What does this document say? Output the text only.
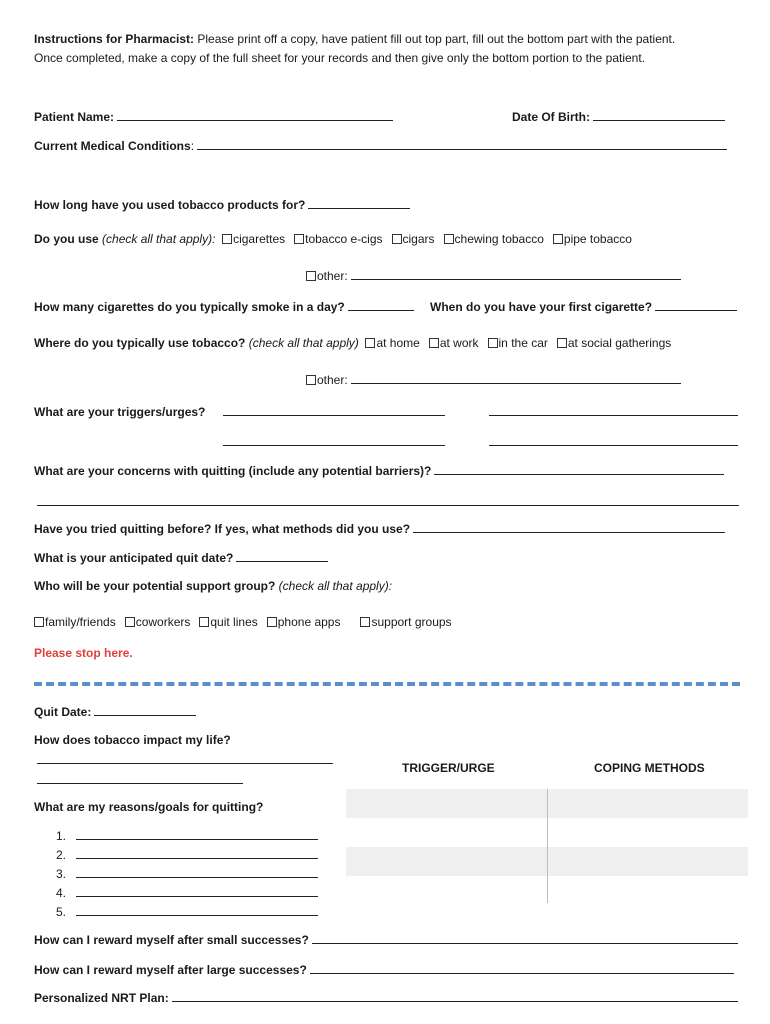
Instructions for Pharmacist: Please print off a copy, have patient fill out top part, fill out the bottom part with the patient.
Once completed, make a copy of the full sheet for your records and then give only the bottom portion to the patient.
Patient Name:	Date Of Birth:
Current Medical Conditions:
How long have you used tobacco products for?
Do you use (check all that apply): cigarettes tobacco e-cigs cigars chewing tobacco pipe tobacco
other:
How many cigarettes do you typically smoke in a day?	When do you have your first cigarette?
Where do you typically use tobacco? (check all that apply) at home at work in the car at social gatherings
other:
What are your triggers/urges?
What are your concerns with quitting (include any potential barriers)?
Have you tried quitting before? If yes, what methods did you use?
What is your anticipated quit date?
Who will be your potential support group? (check all that apply):
family/friends coworkers quit lines phone apps	support groups
Please stop here.
Quit Date:
How does tobacco impact my life?
What are my reasons/goals for quitting?
1.
2.
3.
4.
5.
TRIGGER/URGE	COPING METHODS
How can I reward myself after small successes?
How can I reward myself after large successes?
Personalized NRT Plan:
